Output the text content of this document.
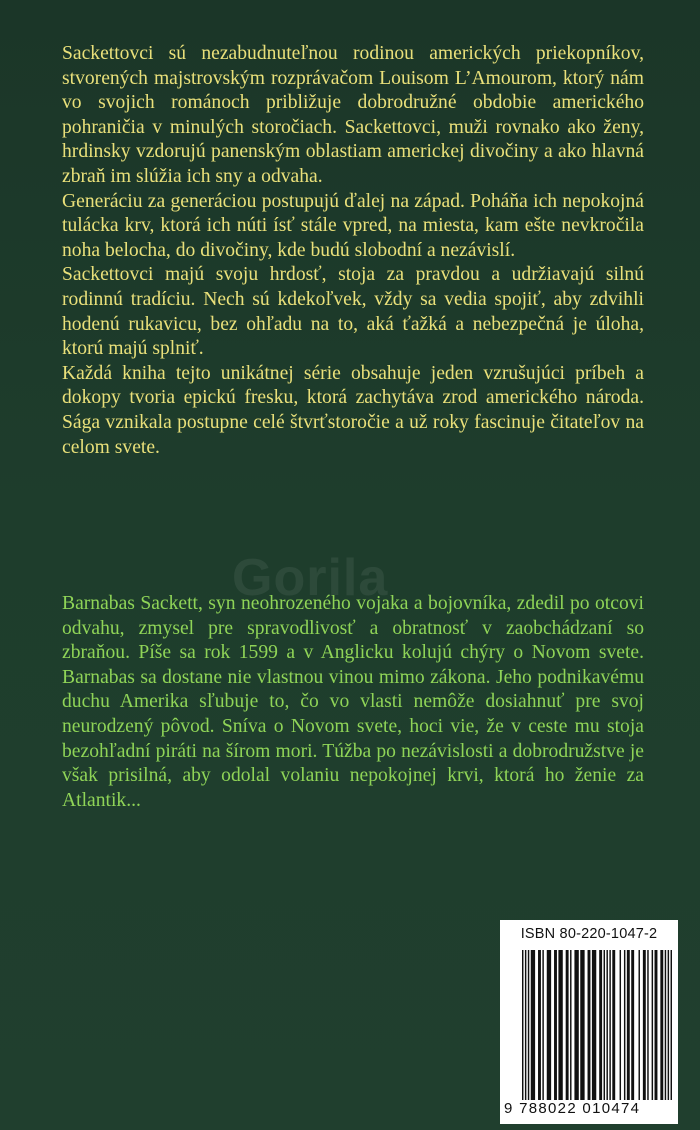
Sackettovci sú nezabudnuteľnou rodinou amerických priekopníkov, stvorených majstrovským rozprávačom Louisom L’Amourom, ktorý nám vo svojich románoch približuje dobrodružné obdobie amerického pohraničia v minulých storočiach. Sackettovci, muži rovnako ako ženy, hrdinsky vzdorujú panenským oblastiam americkej divočiny a ako hlavná zbraň im slúžia ich sny a odvaha.

Generáciu za generáciou postupujú ďalej na západ. Poháňa ich nepokojná tulácka krv, ktorá ich núti ísť stále vpred, na miesta, kam ešte nevkročila noha belocha, do divočiny, kde budú slobodní a nezávislí.

Sackettovci majú svoju hrdosť, stoja za pravdou a udržiavajú silnú rodinnú tradíciu. Nech sú kdekoľvek, vždy sa vedia spojiť, aby zdvihli hodenú rukavicu, bez ohľadu na to, aká ťažká a nebezpečná je úloha, ktorú majú splniť.

Každá kniha tejto unikátnej série obsahuje jeden vzrušujúci príbeh a dokopy tvoria epickú fresku, ktorá zachytáva zrod amerického národa. Sága vznikala postupne celé štvrťstoročie a už roky fascinuje čitateľov na celom svete.

Gorila

Barnabas Sackett, syn neohrozeného vojaka a bojovníka, zdedil po otcovi odvahu, zmysel pre spravodlivosť a obratnosť v zaobchádzaní so zbraňou. Píše sa rok 1599 a v Anglicku kolujú chýry o Novom svete. Barnabas sa dostane nie vlastnou vinou mimo zákona. Jeho podnikavému duchu Amerika sľubuje to, čo vo vlasti nemôže dosiahnuť pre svoj neurodzený pôvod. Sníva o Novom svete, hoci vie, že v ceste mu stoja bezohľadní piráti na šírom mori. Túžba po nezávislosti a dobrodružstve je však prisilná, aby odolal volaniu nepokojnej krvi, ktorá ho ženie za Atlantik...

ISBN 80-220-1047-2
9 788022 010474
